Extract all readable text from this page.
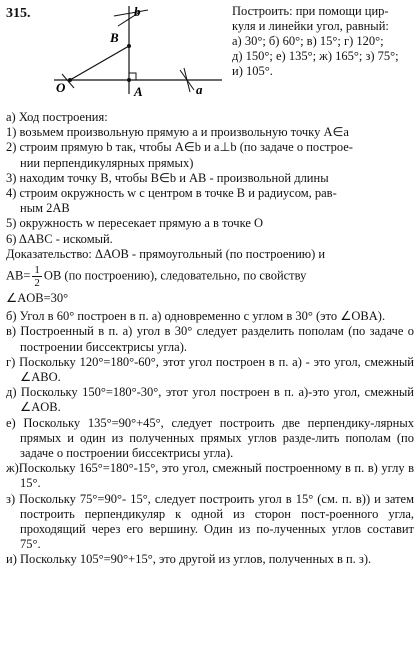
315.	b
B
O	A	a
Построить: при помощи цир-
куля и линейки угол, равный:
а) 30°; б) 60°; в) 15°; г) 120°;
д) 150°; е) 135°; ж) 165°; з) 75°;
и) 105°.

а) Ход построения:

1) возьмем произвольную прямую а и произвольную точку А∈а

2) строим прямую b так, чтобы А∈b и a⊥b (по задаче о построе-

нии перпендикулярных прямых)

3) находим точку В, чтобы В∈b и АВ - произвольной длины

4) строим окружность w с центром в точке В и радиусом, рав-

ным 2АВ

5) окружность w пересекает прямую а в точке О

6) ΔАВС - искомый.

Доказательство: ΔАОВ - прямоугольный (по построению) и

$AB= \frac{1}{2}$ OB (по построению), следовательно, по свойству

∠AOB=30°

б) Угол в 60° построен в п. а) одновременно с углом в 30° (это ∠OBA).

в) Построенный в п. а) угол в 30° следует разделить пополам (по задаче о построении биссектрисы угла).

г) Поскольку 120°=180°-60°, этот угол построен в п. а) - это угол, смежный ∠ABO.

д) Поскольку 150°=180°-30°, этот угол построен в п. а)-это угол, смежный ∠AOB.

е) Поскольку 135°=90°+45°, следует построить две перпендику-лярных прямых и один из полученных прямых углов разде-лить пополам (по задаче о построении биссектрисы угла).

ж)Поскольку 165°=180°-15°, это угол, смежный построенному в п. в) углу в 15°.

з) Поскольку 75°=90°- 15°, следует построить угол в 15° (см. п. в)) и затем построить перпендикуляр к одной из сторон пост-роенного угла, проходящий через его вершину. Один из по-лученных углов составит 75°.

и) Поскольку 105°=90°+15°, это другой из углов, полученных в п. з).
